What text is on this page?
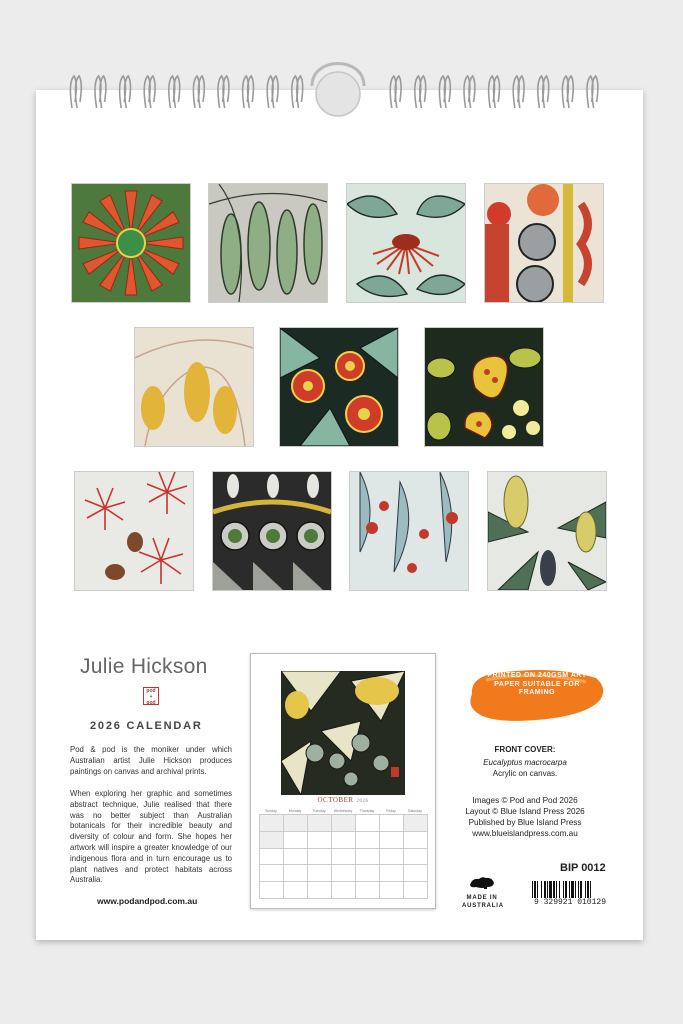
Julie Hickson
pod
+
pod
2026 CALENDAR

Pod & pod is the moniker under which Australian artist Julie Hickson produces paintings on canvas and archival prints.

When exploring her graphic and sometimes abstract technique, Julie realised that there was no better subject than Australian botanicals for their incredible beauty and diversity of colour and form. She hopes her artwork will inspire a greater knowledge of our indigenous flora and in turn encourage us to plant natives and protect habitats across Australia.

www.podandpod.com.au
OCTOBER 2026
Sunday	Monday	Tuesday	Wednesday	Thursday	Friday	Saturday
PRINTED ON 240GSM ART PAPER SUITABLE FOR FRAMING
FRONT COVER:
Eucalyptus macrocarpa
Acrylic on canvas.
Images © Pod and Pod 2026
Layout © Blue Island Press 2026
Published by Blue Island Press
www.blueislandpress.com.au
BIP 0012
MADE IN AUSTRALIA	9 329921 010129
